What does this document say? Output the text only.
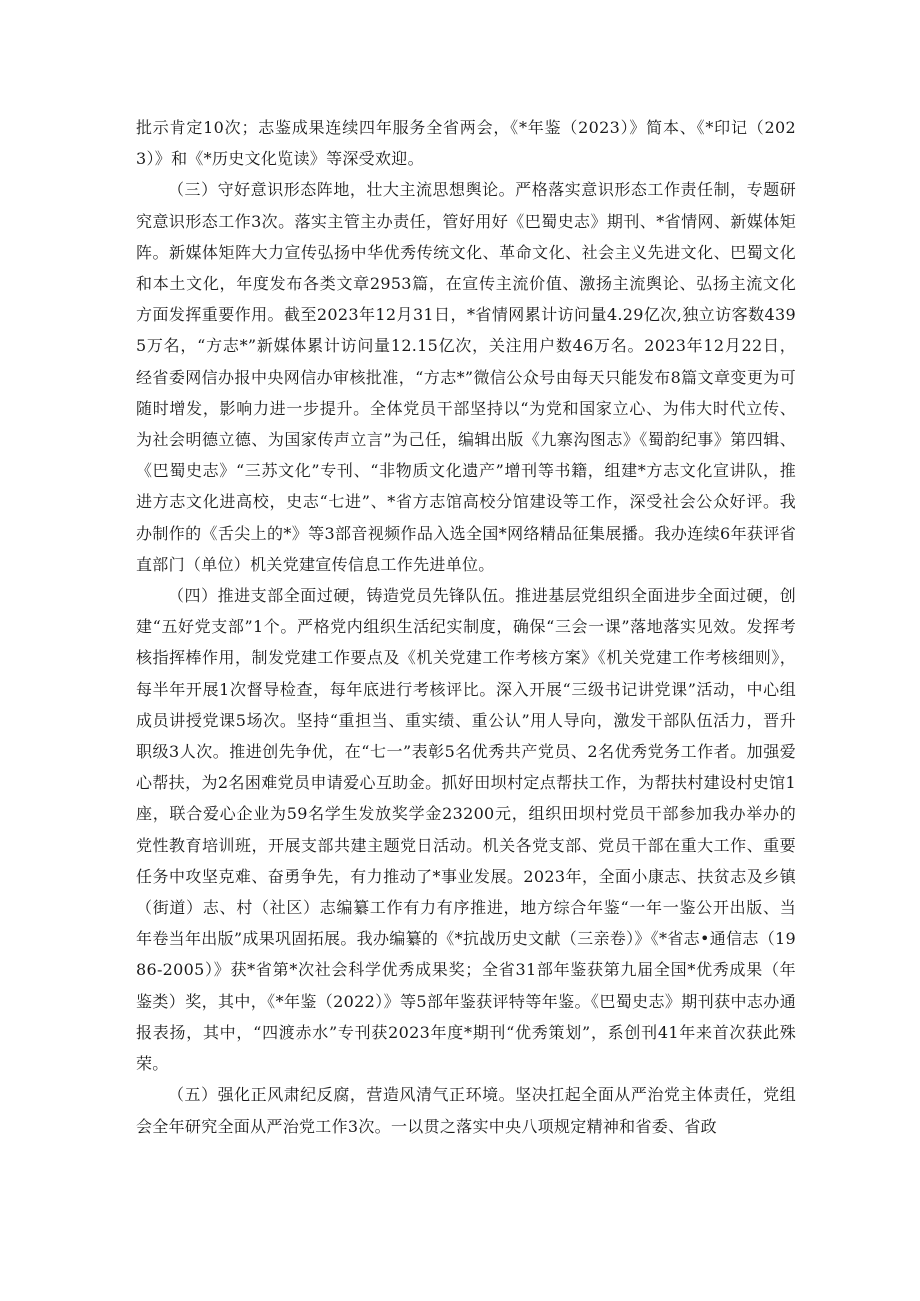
批示肯定10次；志鉴成果连续四年服务全省两会，《*年鉴（2023）》简本、《*印记（2023）》和《*历史文化览读》等深受欢迎。

（三）守好意识形态阵地，壮大主流思想舆论。严格落实意识形态工作责任制，专题研究意识形态工作3次。落实主管主办责任，管好用好《巴蜀史志》期刊、*省情网、新媒体矩阵。新媒体矩阵大力宣传弘扬中华优秀传统文化、革命文化、社会主义先进文化、巴蜀文化和本土文化，年度发布各类文章2953篇，在宣传主流价值、激扬主流舆论、弘扬主流文化方面发挥重要作用。截至2023年12月31日，*省情网累计访问量4.29亿次,独立访客数4395万名，“方志*”新媒体累计访问量12.15亿次，关注用户数46万名。2023年12月22日，经省委网信办报中央网信办审核批准，“方志*”微信公众号由每天只能发布8篇文章变更为可随时增发，影响力进一步提升。全体党员干部坚持以“为党和国家立心、为伟大时代立传、为社会明德立德、为国家传声立言”为己任，编辑出版《九寨沟图志》《蜀韵纪事》第四辑、《巴蜀史志》“三苏文化”专刊、“非物质文化遗产”增刊等书籍，组建*方志文化宣讲队，推进方志文化进高校，史志“七进”、*省方志馆高校分馆建设等工作，深受社会公众好评。我办制作的《舌尖上的*》等3部音视频作品入选全国*网络精品征集展播。我办连续6年获评省直部门（单位）机关党建宣传信息工作先进单位。

（四）推进支部全面过硬，铸造党员先锋队伍。推进基层党组织全面进步全面过硬，创建“五好党支部”1个。严格党内组织生活纪实制度，确保“三会一课”落地落实见效。发挥考核指挥棒作用，制发党建工作要点及《机关党建工作考核方案》《机关党建工作考核细则》，每半年开展1次督导检查，每年底进行考核评比。深入开展“三级书记讲党课”活动，中心组成员讲授党课5场次。坚持“重担当、重实绩、重公认”用人导向，激发干部队伍活力，晋升职级3人次。推进创先争优，在“七一”表彰5名优秀共产党员、2名优秀党务工作者。加强爱心帮扶，为2名困难党员申请爱心互助金。抓好田坝村定点帮扶工作，为帮扶村建设村史馆1座，联合爱心企业为59名学生发放奖学金23200元，组织田坝村党员干部参加我办举办的党性教育培训班，开展支部共建主题党日活动。机关各党支部、党员干部在重大工作、重要任务中攻坚克难、奋勇争先，有力推动了*事业发展。2023年，全面小康志、扶贫志及乡镇（街道）志、村（社区）志编纂工作有力有序推进，地方综合年鉴“一年一鉴公开出版、当年卷当年出版”成果巩固拓展。我办编纂的《*抗战历史文献（三亲卷）》《*省志•通信志（1986-2005）》获*省第*次社会科学优秀成果奖；全省31部年鉴获第九届全国*优秀成果（年鉴类）奖，其中，《*年鉴（2022）》等5部年鉴获评特等年鉴。《巴蜀史志》期刊获中志办通报表扬，其中，“四渡赤水”专刊获2023年度*期刊“优秀策划”，系创刊41年来首次获此殊荣。

（五）强化正风肃纪反腐，营造风清气正环境。坚决扛起全面从严治党主体责任，党组会全年研究全面从严治党工作3次。一以贯之落实中央八项规定精神和省委、省政
